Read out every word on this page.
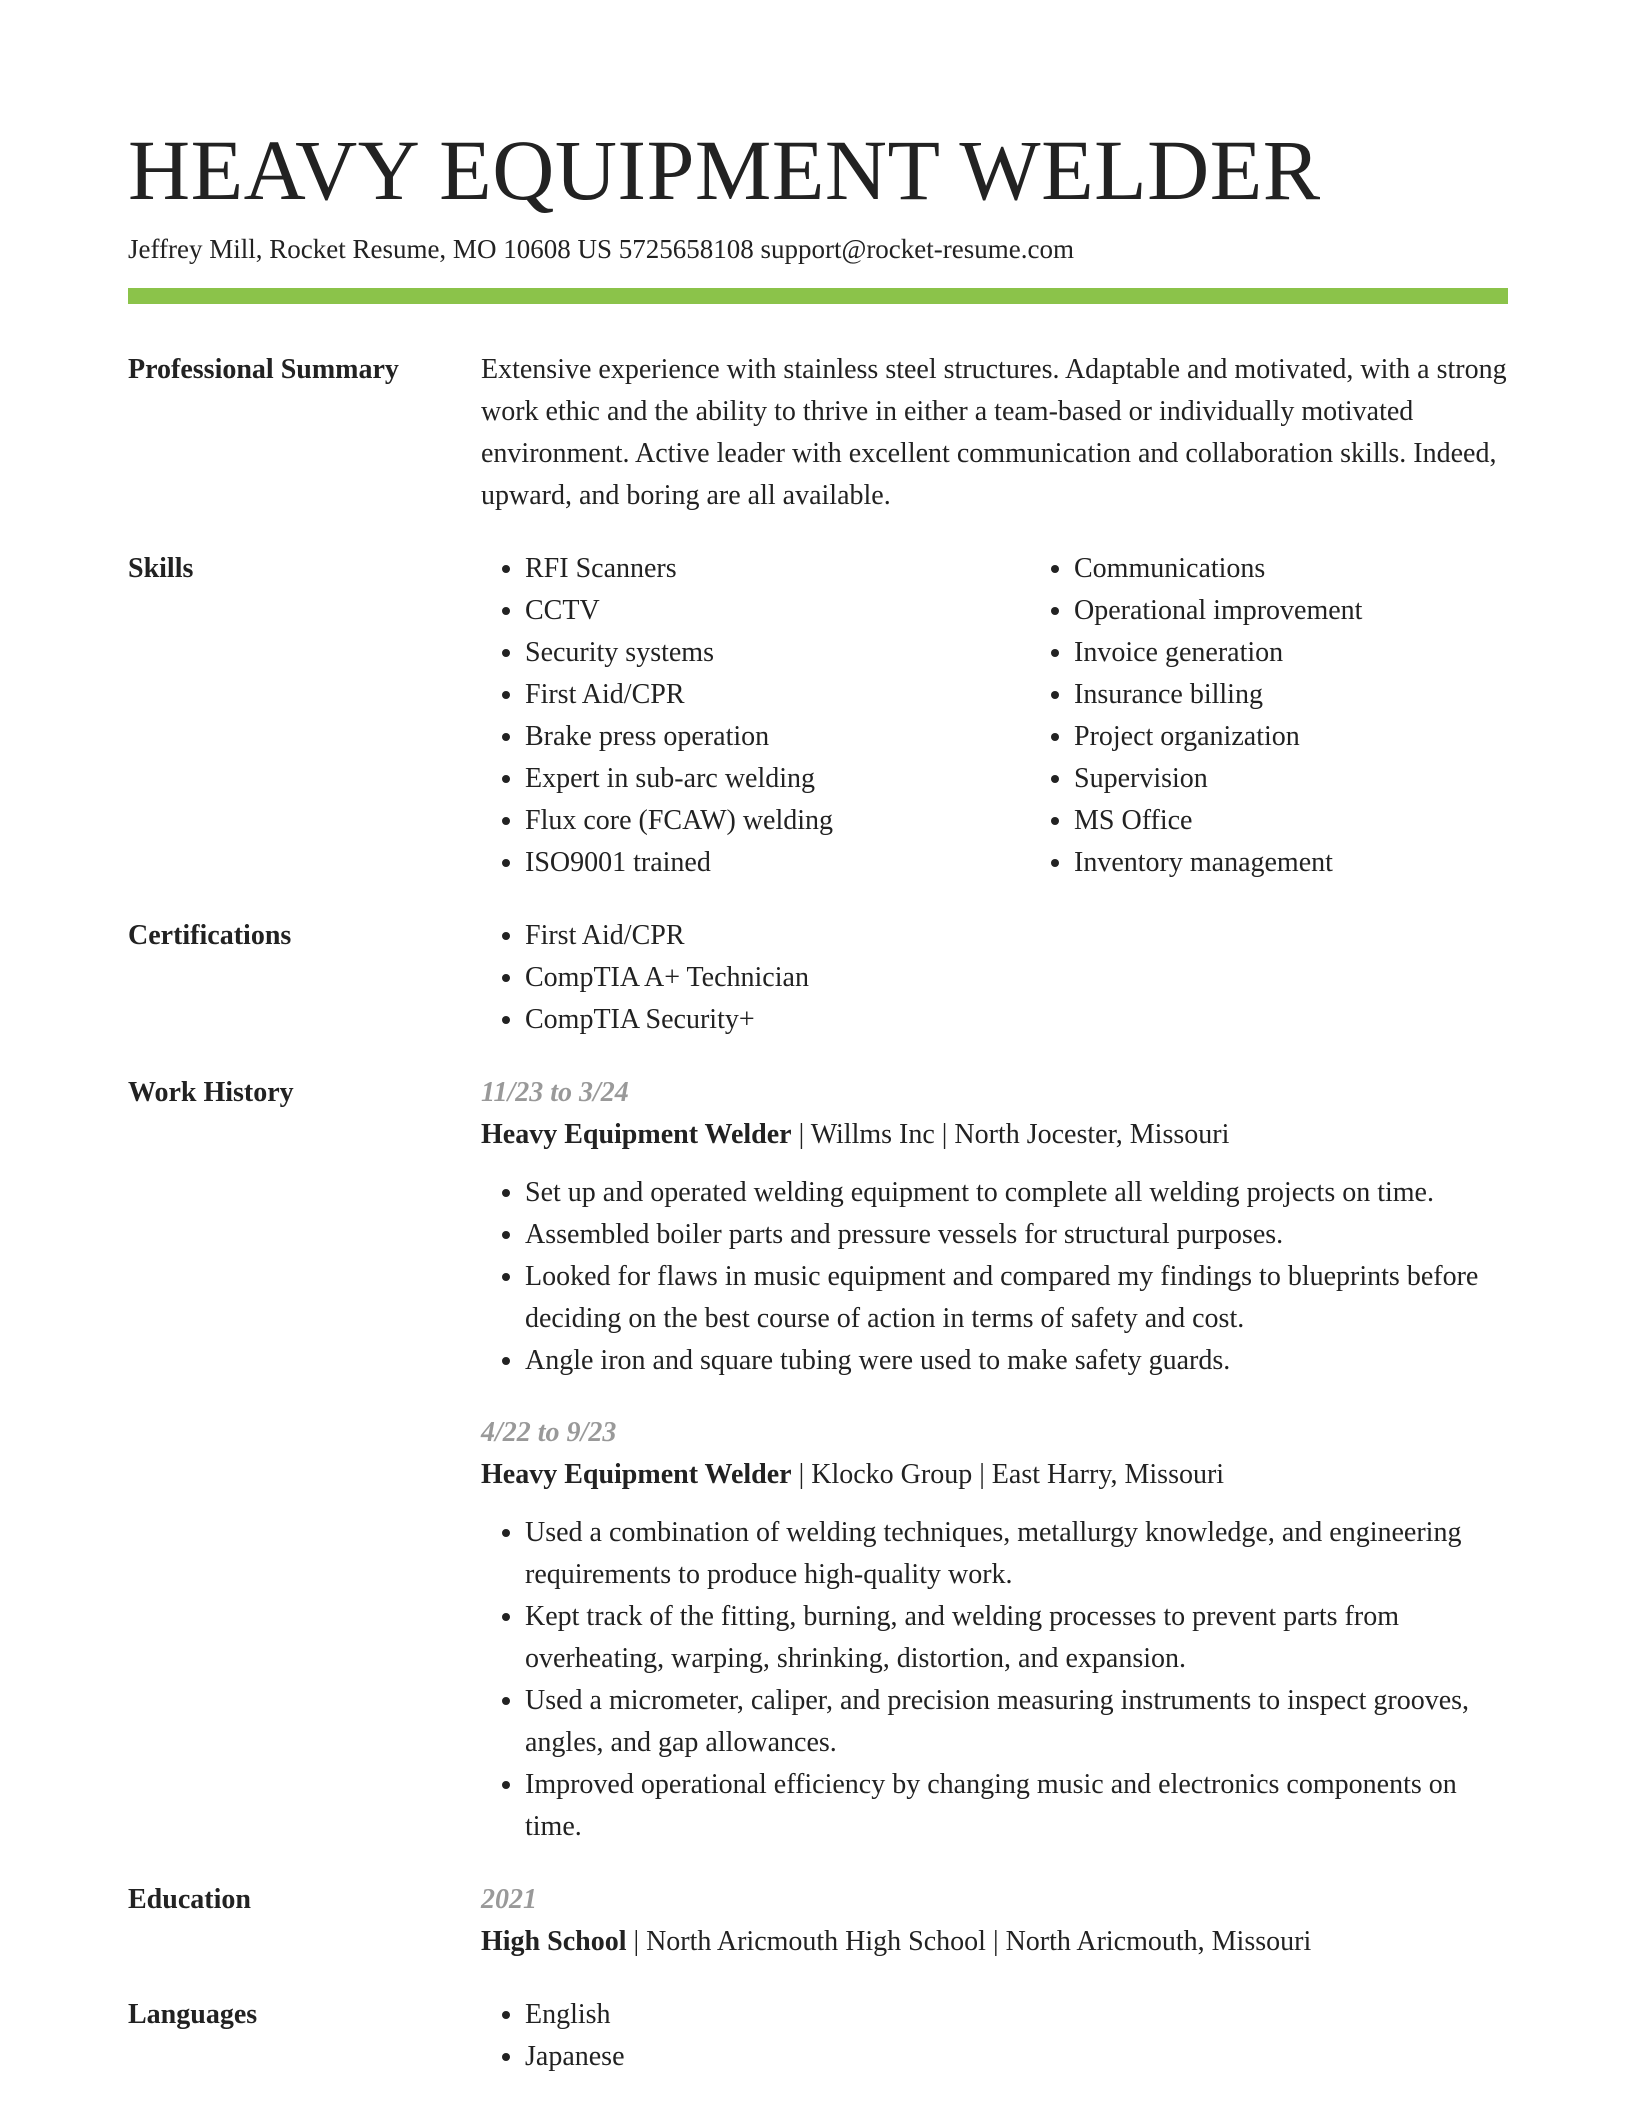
HEAVY EQUIPMENT WELDER
Jeffrey Mill, Rocket Resume, MO 10608 US 5725658108 support@rocket-resume.com
Professional Summary	Extensive experience with stainless steel structures. Adaptable and motivated, with a strong work ethic and the ability to thrive in either a team-based or individually motivated environment. Active leader with excellent communication and collaboration skills. Indeed, upward, and boring are all available.
Skills	• RFI Scanners
• CCTV
• Security systems
• First Aid/CPR
• Brake press operation
• Expert in sub-arc welding
• Flux core (FCAW) welding
• ISO9001 trained
• Communications
• Operational improvement
• Invoice generation
• Insurance billing
• Project organization
• Supervision
• MS Office
• Inventory management
Certifications	• First Aid/CPR
• CompTIA A+ Technician
• CompTIA Security+
Work History	11/23 to 3/24
Heavy Equipment Welder | Willms Inc | North Jocester, Missouri
• Set up and operated welding equipment to complete all welding projects on time.
• Assembled boiler parts and pressure vessels for structural purposes.
• Looked for flaws in music equipment and compared my findings to blueprints before deciding on the best course of action in terms of safety and cost.
• Angle iron and square tubing were used to make safety guards.
4/22 to 9/23
Heavy Equipment Welder | Klocko Group | East Harry, Missouri
• Used a combination of welding techniques, metallurgy knowledge, and engineering requirements to produce high-quality work.
• Kept track of the fitting, burning, and welding processes to prevent parts from overheating, warping, shrinking, distortion, and expansion.
• Used a micrometer, caliper, and precision measuring instruments to inspect grooves, angles, and gap allowances.
• Improved operational efficiency by changing music and electronics components on time.
Education	2021
High School | North Aricmouth High School | North Aricmouth, Missouri
Languages	• English
• Japanese
